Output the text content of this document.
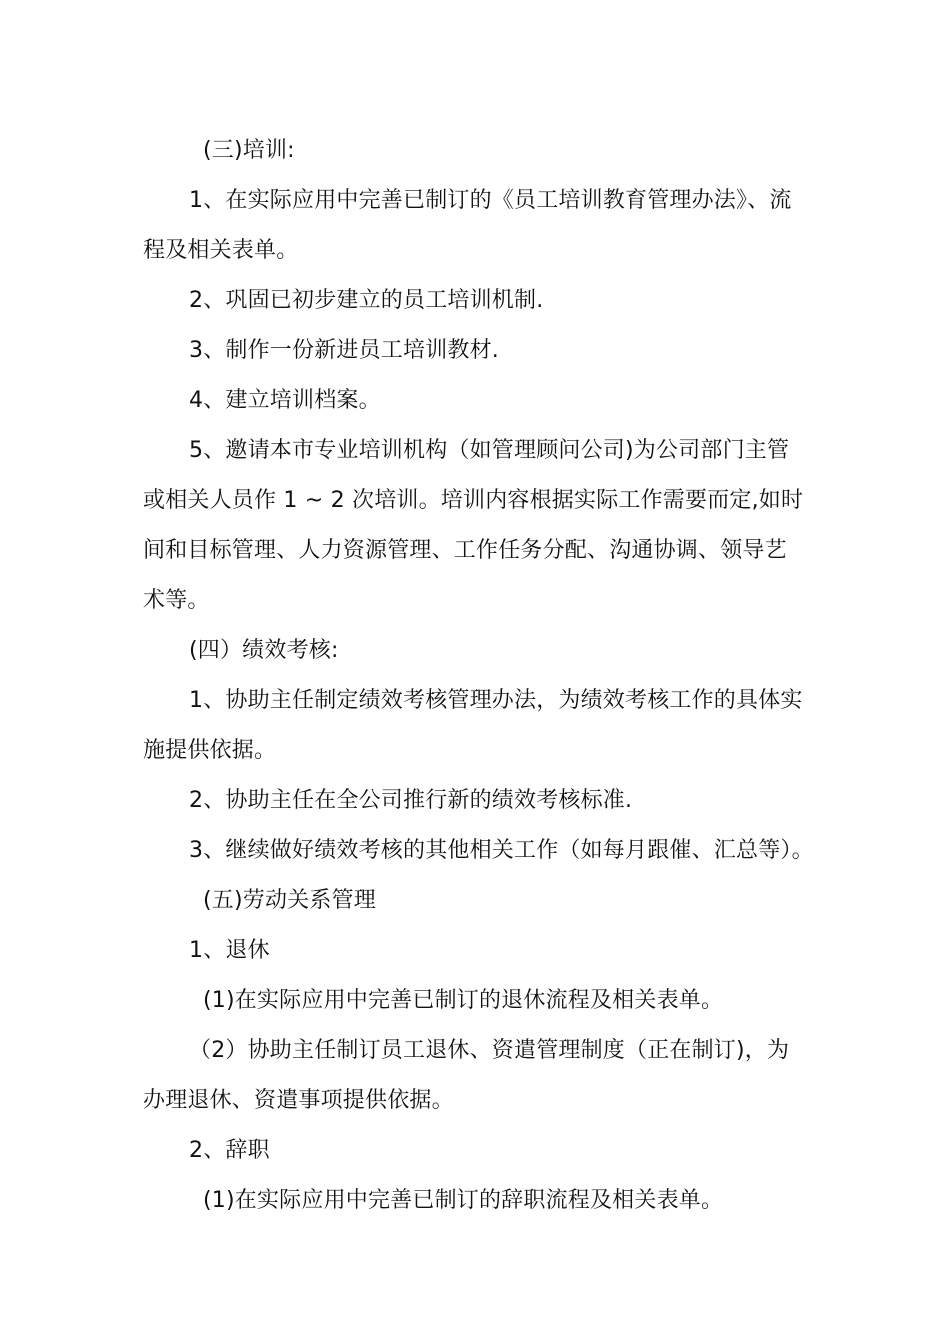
(三)培训:
1、在实际应用中完善已制订的《员工培训教育管理办法》、流
程及相关表单。
2、巩固已初步建立的员工培训机制.
3、制作一份新进员工培训教材.
4、建立培训档案。
5、邀请本市专业培训机构（如管理顾问公司)为公司部门主管
或相关人员作 1 ~ 2 次培训。培训内容根据实际工作需要而定,如时
间和目标管理、人力资源管理、工作任务分配、沟通协调、领导艺
术等。
(四）绩效考核:
1、协助主任制定绩效考核管理办法，为绩效考核工作的具体实
施提供依据。
2、协助主任在全公司推行新的绩效考核标准.
3、继续做好绩效考核的其他相关工作（如每月跟催、汇总等）。
(五)劳动关系管理
1、退休
(1)在实际应用中完善已制订的退休流程及相关表单。
（2）协助主任制订员工退休、资遣管理制度（正在制订)，为
办理退休、资遣事项提供依据。
2、辞职
(1)在实际应用中完善已制订的辞职流程及相关表单。
